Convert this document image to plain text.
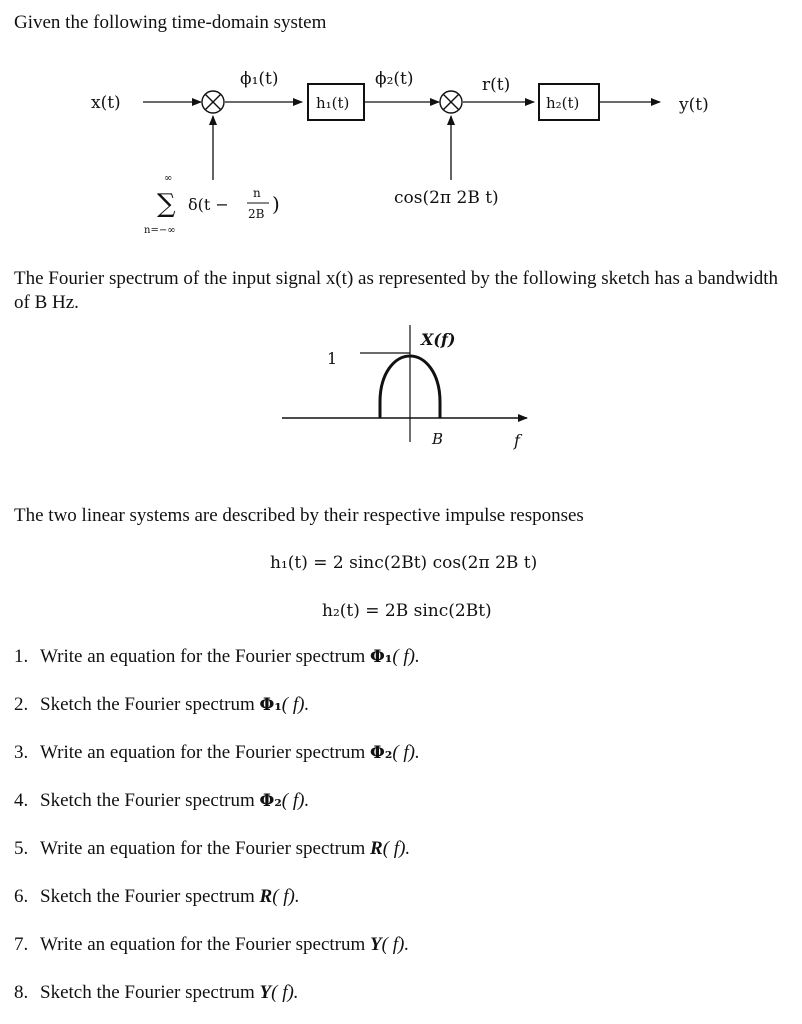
Given the following time-domain system
x(t)
ϕ₁(t)
h₁(t)
ϕ₂(t)	r(t)
h₂(t)	y(t)
∞
∑
n=−∞
δ(t −
n
2B )	cos(2π 2B t)
The Fourier spectrum of the input signal x(t) as represented by the following sketch has a bandwidth of B Hz.
X(f)
1
B	f
The two linear systems are described by their respective impulse responses
h₁(t) = 2 sinc(2Bt) cos(2π 2B t)
h₂(t) = 2B sinc(2Bt)
1. Write an equation for the Fourier spectrum Φ₁( f).
2. Sketch the Fourier spectrum Φ₁( f).
3. Write an equation for the Fourier spectrum Φ₂( f).
4. Sketch the Fourier spectrum Φ₂( f).
5. Write an equation for the Fourier spectrum R( f).
6. Sketch the Fourier spectrum R( f).
7. Write an equation for the Fourier spectrum Y( f).
8. Sketch the Fourier spectrum Y( f).
